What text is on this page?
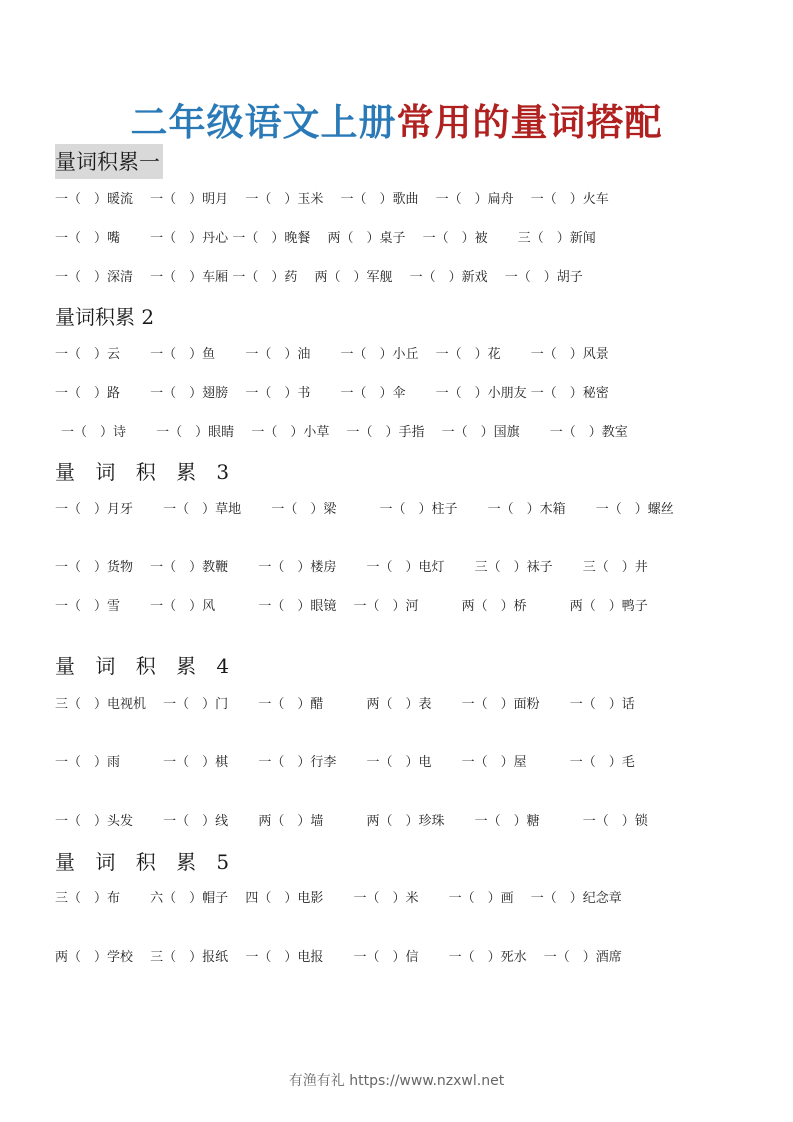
二年级语文上册常用的量词搭配
量词积累一
一（　）暖流　 一（　）明月　 一（　）玉米　 一（　）歌曲　 一（　）扁舟　 一（　）火车
一（　）嘴　　 一（　）丹心 一（　）晚餐　 两（　）桌子　 一（　）被　　 三（　）新闻
一（　）深清　 一（　）车厢 一（　）药　 两（　）军舰　 一（　）新戏　 一（　）胡子
量词积累 2
一（　）云　　 一（　）鱼　　 一（　）油　　 一（　）小丘　 一（　）花　　 一（　）风景
一（　）路　　 一（　）翅膀　 一（　）书　　 一（　）伞　　 一（　）小朋友 一（　）秘密
一（　）诗　　 一（　）眼睛　 一（　）小草　 一（　）手指　 一（　）国旗　　 一（　）教室
量 词 积 累 3
一（　）月牙　　 一（　）草地　　 一（　）梁　　　	一（　）柱子　　 一（　）木箱　　 一（　）螺丝
一（　）货物　 一（　）教鞭　　 一（　）楼房　　 一（　）电灯　　 三（　）袜子　　 三（　）井
一（　）雪　　 一（　）风　　　	一（　）眼镜　 一（　）河　　　	两（　）桥　　　	两（　）鸭子
量 词 积 累 4
三（　）电视机　 一（　）门　　 一（　）醋　　　	两（　）表　　 一（　）面粉　　 一（　）话
一（　）雨　　　	一（　）棋　　 一（　）行李　　 一（　）电　　 一（　）屋　　　	一（　）毛
一（　）头发　　 一（　）线　　 两（　）墙　　　	两（　）珍珠　　 一（　）糖　　　	一（　）锁
量 词 积 累 5
三（　）布　　 六（　）帽子　 四（　）电影　　 一（　）米　　 一（　）画　 一（　）纪念章
两（　）学校　 三（　）报纸　 一（　）电报　　 一（　）信　　 一（　）死水　 一（　）酒席
有渔有礼 https://www.nzxwl.net
